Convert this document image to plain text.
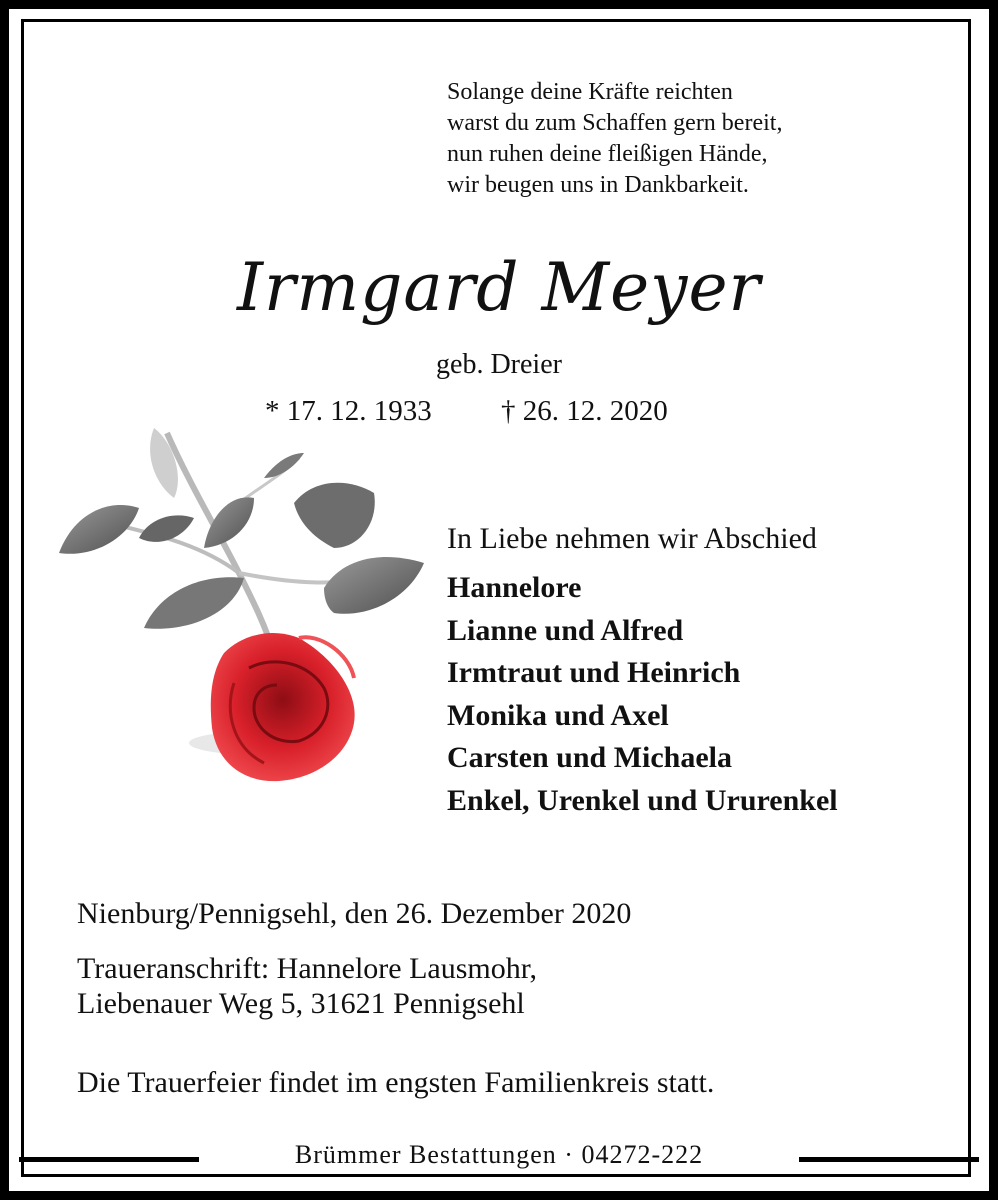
Solange deine Kräfte reichten
warst du zum Schaffen gern bereit,
nun ruhen deine fleißigen Hände,
wir beugen uns in Dankbarkeit.
Irmgard Meyer
geb. Dreier
* 17. 12. 1933 † 26. 12. 2020
In Liebe nehmen wir Abschied
Hannelore
Lianne und Alfred
Irmtraut und Heinrich
Monika und Axel
Carsten und Michaela
Enkel, Urenkel und Ururenkel
Nienburg/Pennigsehl, den 26. Dezember 2020
Traueranschrift: Hannelore Lausmohr,
Liebenauer Weg 5, 31621 Pennigsehl
Die Trauerfeier findet im engsten Familienkreis statt.
Brümmer Bestattungen · 04272-222
